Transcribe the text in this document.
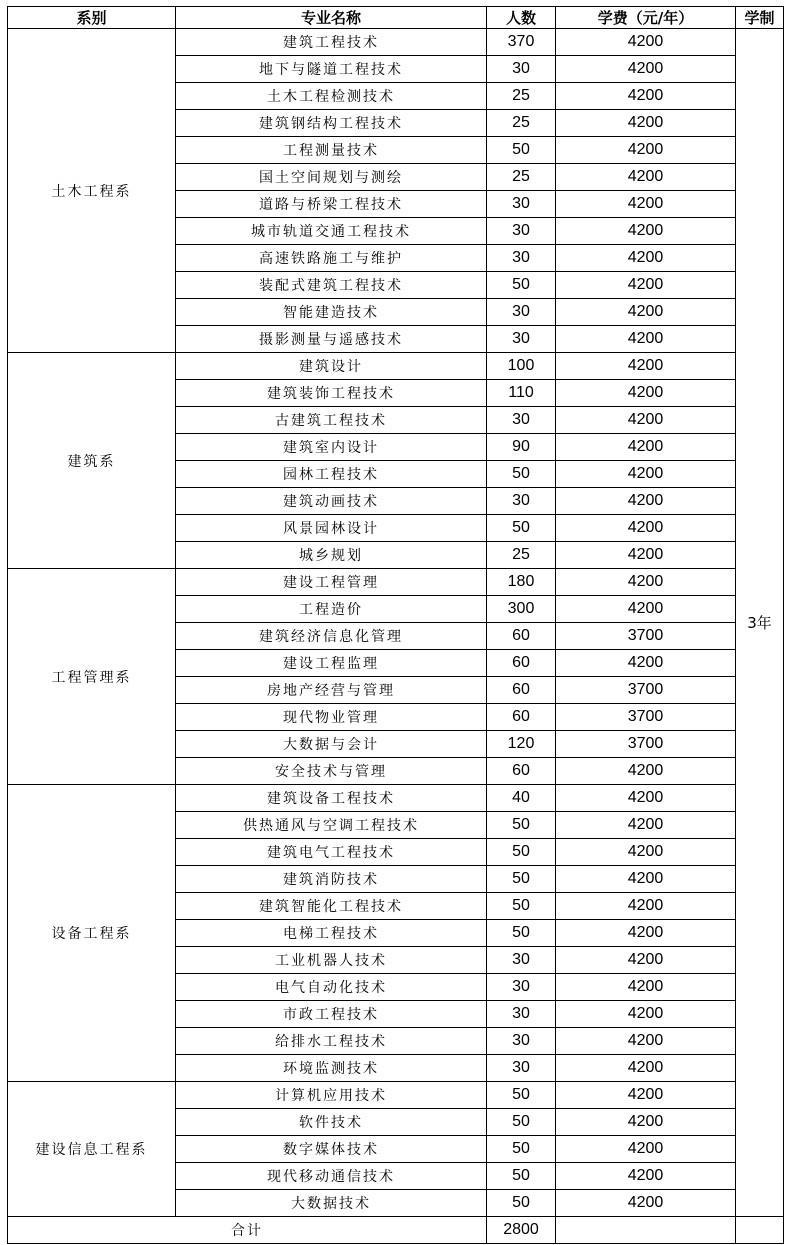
系别	专业名称	人数	学费（元/年）	学制
土木工程系	建筑工程技术	370	4200	3年
	地下与隧道工程技术	30	4200	
	土木工程检测技术	25	4200	
	建筑钢结构工程技术	25	4200	
	工程测量技术	50	4200	
	国土空间规划与测绘	25	4200	
	道路与桥梁工程技术	30	4200	
	城市轨道交通工程技术	30	4200	
	高速铁路施工与维护	30	4200	
	装配式建筑工程技术	50	4200	
	智能建造技术	30	4200	
	摄影测量与遥感技术	30	4200	
建筑系	建筑设计	100	4200	
	建筑装饰工程技术	110	4200	
	古建筑工程技术	30	4200	
	建筑室内设计	90	4200	
	园林工程技术	50	4200	
	建筑动画技术	30	4200	
	风景园林设计	50	4200	
	城乡规划	25	4200	
工程管理系	建设工程管理	180	4200	
	工程造价	300	4200	
	建筑经济信息化管理	60	3700	
	建设工程监理	60	4200	
	房地产经营与管理	60	3700	
	现代物业管理	60	3700	
	大数据与会计	120	3700	
	安全技术与管理	60	4200	
设备工程系	建筑设备工程技术	40	4200	
	供热通风与空调工程技术	50	4200	
	建筑电气工程技术	50	4200	
	建筑消防技术	50	4200	
	建筑智能化工程技术	50	4200	
	电梯工程技术	50	4200	
	工业机器人技术	30	4200	
	电气自动化技术	30	4200	
	市政工程技术	30	4200	
	给排水工程技术	30	4200	
	环境监测技术	30	4200	
建设信息工程系	计算机应用技术	50	4200	
	软件技术	50	4200	
	数字媒体技术	50	4200	
	现代移动通信技术	50	4200	
	大数据技术	50	4200	
合计		2800		
